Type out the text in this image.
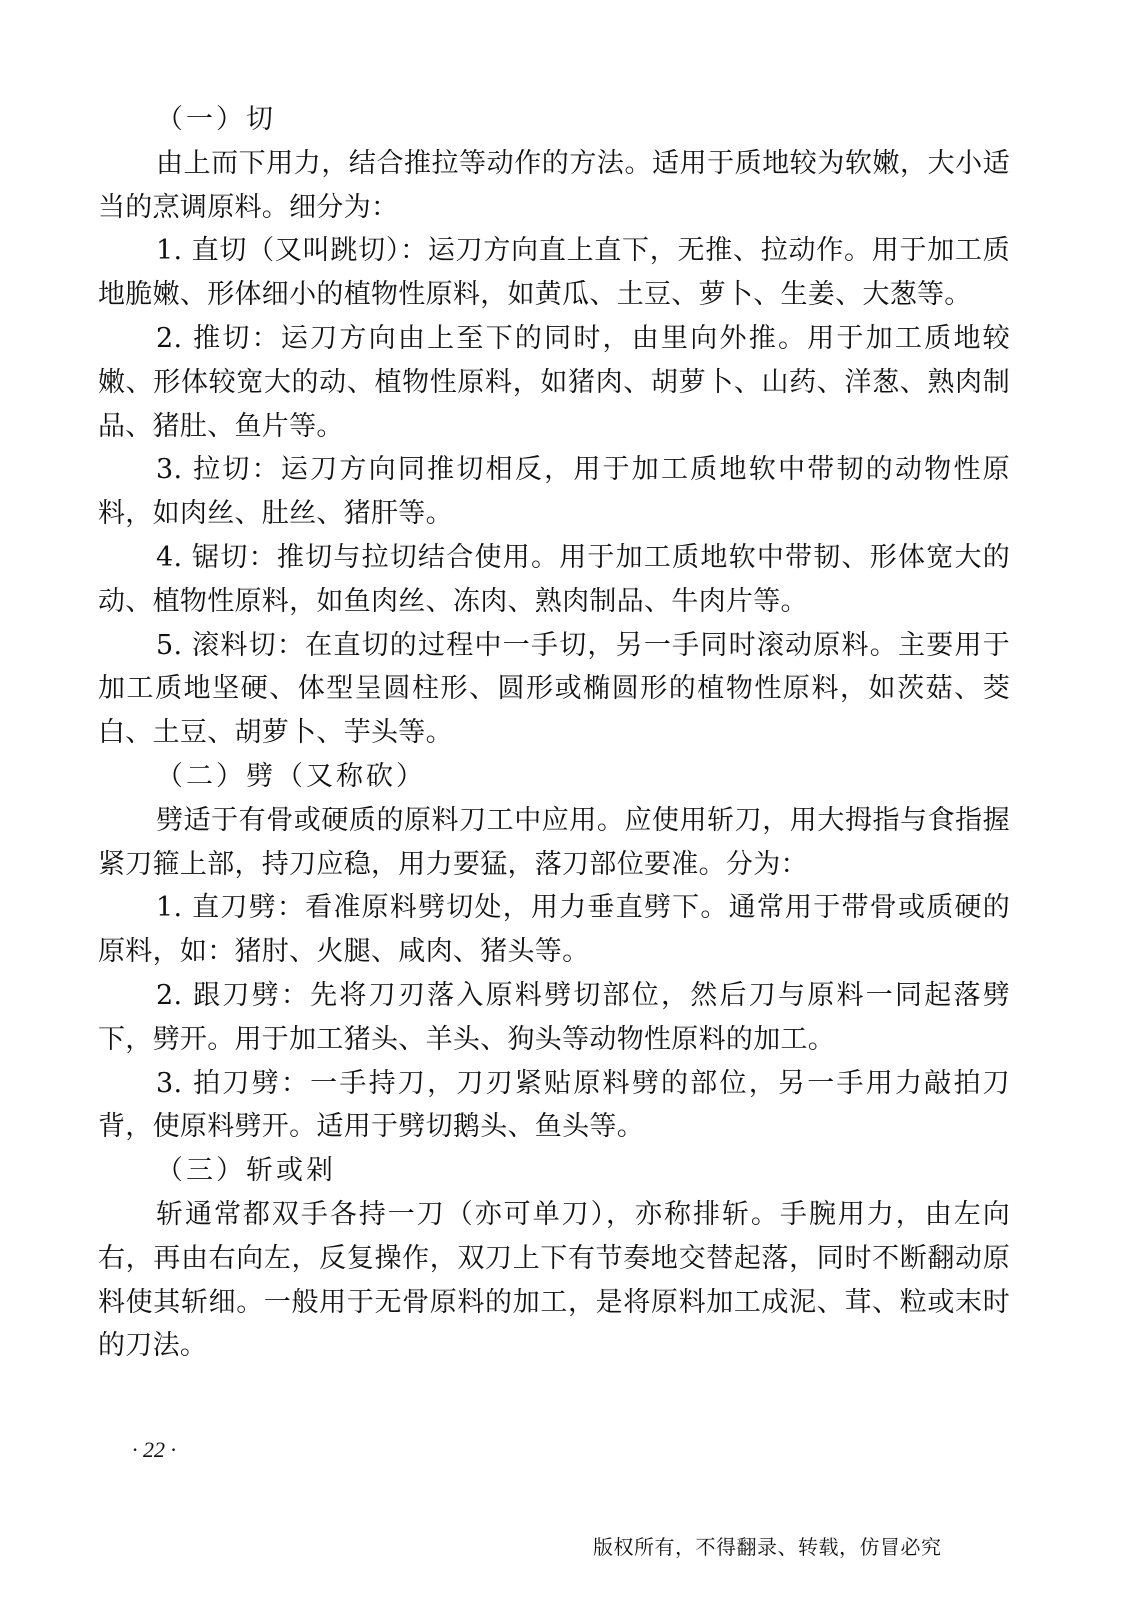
（一）切

由上而下用力，结合推拉等动作的方法。适用于质地较为软嫩，大小适当的烹调原料。细分为：

1. 直切（又叫跳切）：运刀方向直上直下，无推、拉动作。用于加工质地脆嫩、形体细小的植物性原料，如黄瓜、土豆、萝卜、生姜、大葱等。

2. 推切：运刀方向由上至下的同时，由里向外推。用于加工质地较嫩、形体较宽大的动、植物性原料，如猪肉、胡萝卜、山药、洋葱、熟肉制品、猪肚、鱼片等。

3. 拉切：运刀方向同推切相反，用于加工质地软中带韧的动物性原料，如肉丝、肚丝、猪肝等。

4. 锯切：推切与拉切结合使用。用于加工质地软中带韧、形体宽大的动、植物性原料，如鱼肉丝、冻肉、熟肉制品、牛肉片等。

5. 滚料切：在直切的过程中一手切，另一手同时滚动原料。主要用于加工质地坚硬、体型呈圆柱形、圆形或椭圆形的植物性原料，如茨菇、茭白、土豆、胡萝卜、芋头等。

（二）劈（又称砍）

劈适于有骨或硬质的原料刀工中应用。应使用斩刀，用大拇指与食指握紧刀箍上部，持刀应稳，用力要猛，落刀部位要准。分为：

1. 直刀劈：看准原料劈切处，用力垂直劈下。通常用于带骨或质硬的原料，如：猪肘、火腿、咸肉、猪头等。

2. 跟刀劈：先将刀刃落入原料劈切部位，然后刀与原料一同起落劈下，劈开。用于加工猪头、羊头、狗头等动物性原料的加工。

3. 拍刀劈：一手持刀，刀刃紧贴原料劈的部位，另一手用力敲拍刀背，使原料劈开。适用于劈切鹅头、鱼头等。

（三）斩或剁

斩通常都双手各持一刀（亦可单刀），亦称排斩。手腕用力，由左向右，再由右向左，反复操作，双刀上下有节奏地交替起落，同时不断翻动原料使其斩细。一般用于无骨原料的加工，是将原料加工成泥、茸、粒或末时的刀法。

· 22 ·
版权所有，不得翻录、转载，仿冒必究
